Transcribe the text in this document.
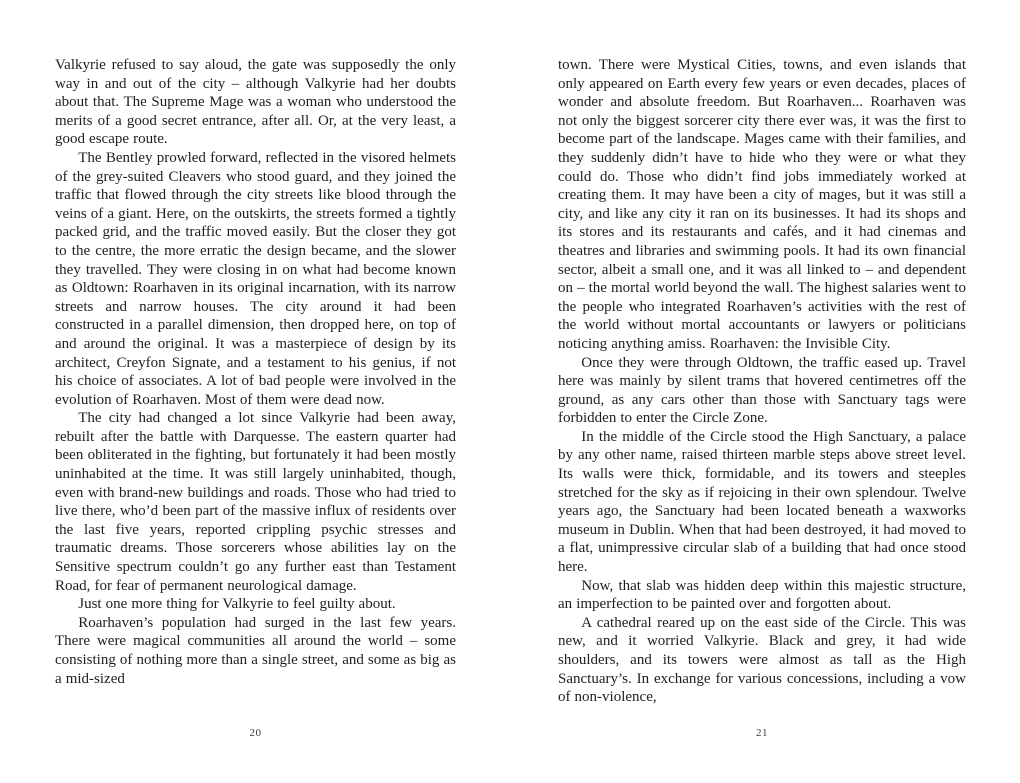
Valkyrie refused to say aloud, the gate was supposedly the only way in and out of the city – although Valkyrie had her doubts about that. The Supreme Mage was a woman who understood the merits of a good secret entrance, after all. Or, at the very least, a good escape route.

The Bentley prowled forward, reflected in the visored helmets of the grey-suited Cleavers who stood guard, and they joined the traffic that flowed through the city streets like blood through the veins of a giant. Here, on the outskirts, the streets formed a tightly packed grid, and the traffic moved easily. But the closer they got to the centre, the more erratic the design became, and the slower they travelled. They were closing in on what had become known as Oldtown: Roarhaven in its original incarnation, with its narrow streets and narrow houses. The city around it had been constructed in a parallel dimension, then dropped here, on top of and around the original. It was a masterpiece of design by its architect, Creyfon Signate, and a testament to his genius, if not his choice of associates. A lot of bad people were involved in the evolution of Roarhaven. Most of them were dead now.

The city had changed a lot since Valkyrie had been away, rebuilt after the battle with Darquesse. The eastern quarter had been obliterated in the fighting, but fortunately it had been mostly uninhabited at the time. It was still largely uninhabited, though, even with brand-new buildings and roads. Those who had tried to live there, who’d been part of the massive influx of residents over the last five years, reported crippling psychic stresses and traumatic dreams. Those sorcerers whose abilities lay on the Sensitive spectrum couldn’t go any further east than Testament Road, for fear of permanent neurological damage.

Just one more thing for Valkyrie to feel guilty about.

Roarhaven’s population had surged in the last few years. There were magical communities all around the world – some consisting of nothing more than a single street, and some as big as a mid-sized

20

town. There were Mystical Cities, towns, and even islands that only appeared on Earth every few years or even decades, places of wonder and absolute freedom. But Roarhaven... Roarhaven was not only the biggest sorcerer city there ever was, it was the first to become part of the landscape. Mages came with their families, and they suddenly didn’t have to hide who they were or what they could do. Those who didn’t find jobs immediately worked at creating them. It may have been a city of mages, but it was still a city, and like any city it ran on its businesses. It had its shops and its stores and its restaurants and cafés, and it had cinemas and theatres and libraries and swimming pools. It had its own financial sector, albeit a small one, and it was all linked to – and dependent on – the mortal world beyond the wall. The highest salaries went to the people who integrated Roarhaven’s activities with the rest of the world without mortal accountants or lawyers or politicians noticing anything amiss. Roarhaven: the Invisible City.

Once they were through Oldtown, the traffic eased up. Travel here was mainly by silent trams that hovered centimetres off the ground, as any cars other than those with Sanctuary tags were forbidden to enter the Circle Zone.

In the middle of the Circle stood the High Sanctuary, a palace by any other name, raised thirteen marble steps above street level. Its walls were thick, formidable, and its towers and steeples stretched for the sky as if rejoicing in their own splendour. Twelve years ago, the Sanctuary had been located beneath a waxworks museum in Dublin. When that had been destroyed, it had moved to a flat, unimpressive circular slab of a building that had once stood here.

Now, that slab was hidden deep within this majestic structure, an imperfection to be painted over and forgotten about.

A cathedral reared up on the east side of the Circle. This was new, and it worried Valkyrie. Black and grey, it had wide shoulders, and its towers were almost as tall as the High Sanctuary’s. In exchange for various concessions, including a vow of non-violence,

21
